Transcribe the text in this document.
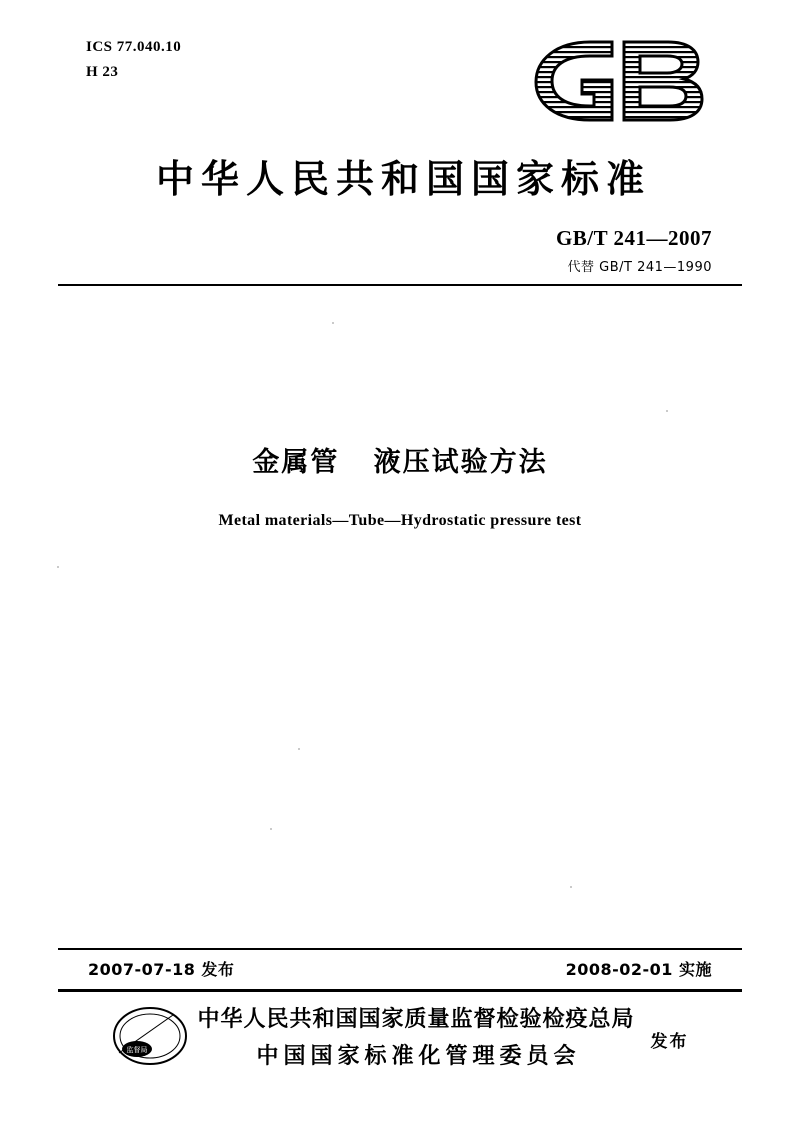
ICS 77.040.10
H 23
中华人民共和国国家标准
GB/T 241—2007
代替 GB/T 241—1990
金属管   液压试验方法
Metal materials—Tube—Hydrostatic pressure test
2007-07-18 发布	2008-02-01 实施
监督局
中华人民共和国国家质量监督检验检疫总局
中国国家标准化管理委员会
发布
